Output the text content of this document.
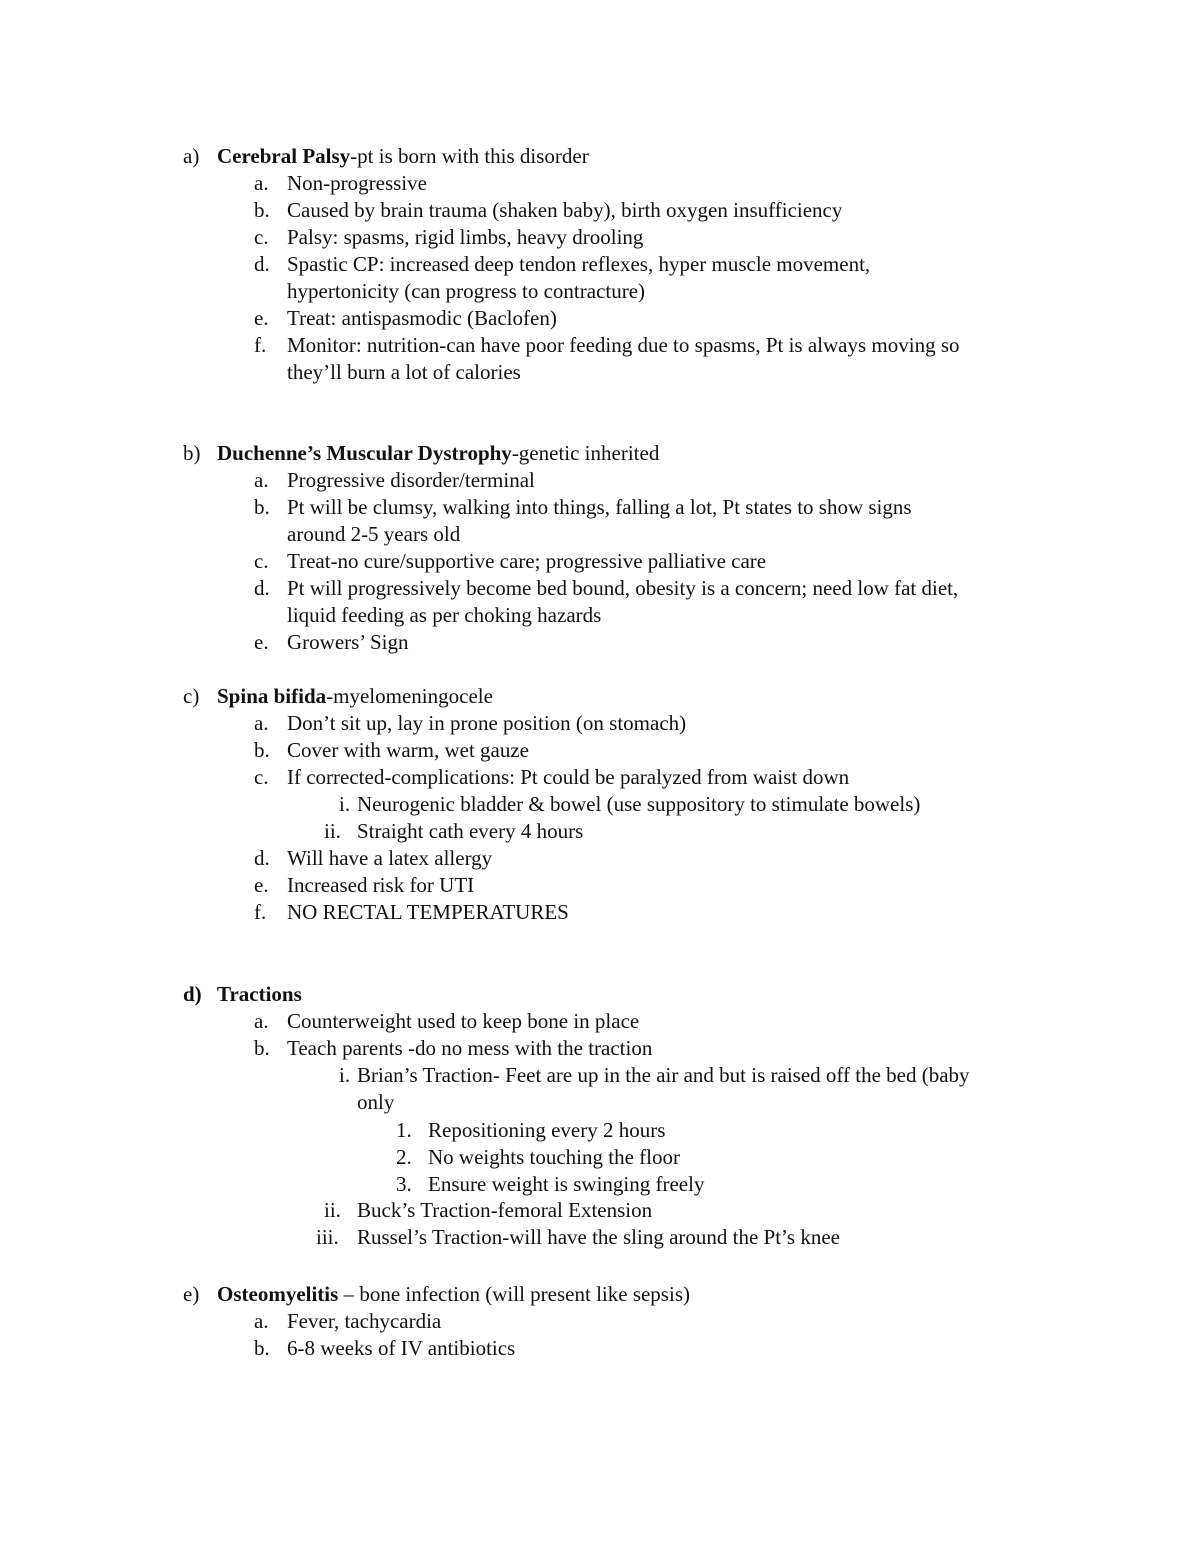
a) Cerebral Palsy-pt is born with this disorder
a. Non-progressive
b. Caused by brain trauma (shaken baby), birth oxygen insufficiency
c. Palsy: spasms, rigid limbs, heavy drooling
d. Spastic CP: increased deep tendon reflexes, hyper muscle movement,
hypertonicity (can progress to contracture)
e. Treat: antispasmodic (Baclofen)
f. Monitor: nutrition-can have poor feeding due to spasms, Pt is always moving so
they’ll burn a lot of calories
b) Duchenne’s Muscular Dystrophy-genetic inherited
a. Progressive disorder/terminal
b. Pt will be clumsy, walking into things, falling a lot, Pt states to show signs
around 2-5 years old
c. Treat-no cure/supportive care; progressive palliative care
d. Pt will progressively become bed bound, obesity is a concern; need low fat diet,
liquid feeding as per choking hazards
e. Growers’ Sign
c) Spina bifida-myelomeningocele
a. Don’t sit up, lay in prone position (on stomach)
b. Cover with warm, wet gauze
c. If corrected-complications: Pt could be paralyzed from waist down
i. Neurogenic bladder & bowel (use suppository to stimulate bowels)
ii. Straight cath every 4 hours
d. Will have a latex allergy
e. Increased risk for UTI
f. NO RECTAL TEMPERATURES
d) Tractions
a. Counterweight used to keep bone in place
b. Teach parents -do no mess with the traction
i. Brian’s Traction- Feet are up in the air and but is raised off the bed (baby
only
1. Repositioning every 2 hours
2. No weights touching the floor
3. Ensure weight is swinging freely
ii. Buck’s Traction-femoral Extension
iii. Russel’s Traction-will have the sling around the Pt’s knee
e) Osteomyelitis – bone infection (will present like sepsis)
a. Fever, tachycardia
b. 6-8 weeks of IV antibiotics
